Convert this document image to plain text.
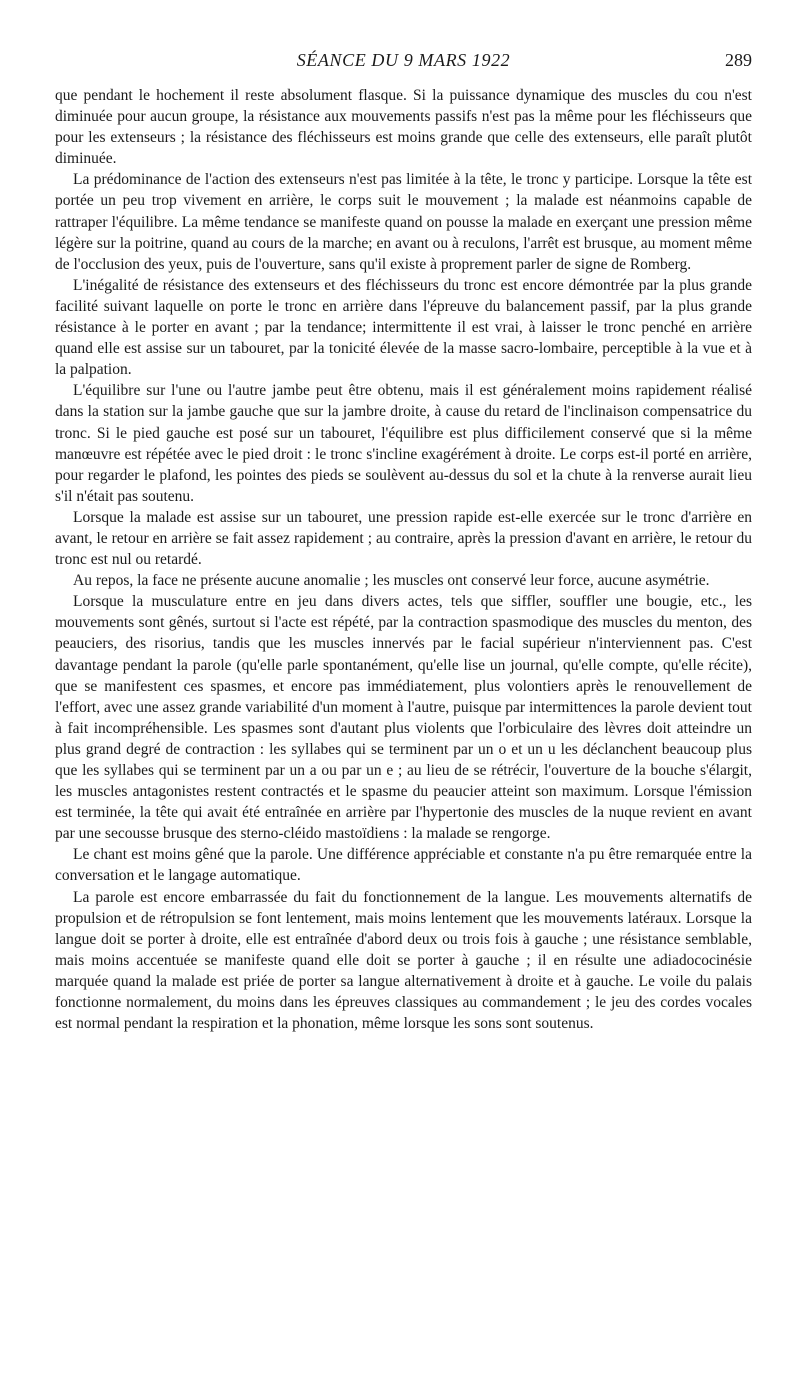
SÉANCE DU 9 MARS 1922	289

que pendant le hochement il reste absolument flasque. Si la puissance dynamique des muscles du cou n'est diminuée pour aucun groupe, la résistance aux mouvements passifs n'est pas la même pour les fléchisseurs que pour les extenseurs ; la résistance des fléchisseurs est moins grande que celle des extenseurs, elle paraît plutôt diminuée.

La prédominance de l'action des extenseurs n'est pas limitée à la tête, le tronc y participe. Lorsque la tête est portée un peu trop vivement en arrière, le corps suit le mouvement ; la malade est néanmoins capable de rattraper l'équilibre. La même tendance se manifeste quand on pousse la malade en exerçant une pression même légère sur la poitrine, quand au cours de la marche; en avant ou à reculons, l'arrêt est brusque, au moment même de l'occlusion des yeux, puis de l'ouverture, sans qu'il existe à proprement parler de signe de Romberg.

L'inégalité de résistance des extenseurs et des fléchisseurs du tronc est encore démontrée par la plus grande facilité suivant laquelle on porte le tronc en arrière dans l'épreuve du balancement passif, par la plus grande résistance à le porter en avant ; par la tendance; intermittente il est vrai, à laisser le tronc penché en arrière quand elle est assise sur un tabouret, par la tonicité élevée de la masse sacro-lombaire, perceptible à la vue et à la palpation.

L'équilibre sur l'une ou l'autre jambe peut être obtenu, mais il est généralement moins rapidement réalisé dans la station sur la jambe gauche que sur la jambre droite, à cause du retard de l'inclinaison compensatrice du tronc. Si le pied gauche est posé sur un tabouret, l'équilibre est plus difficilement conservé que si la même manœuvre est répétée avec le pied droit : le tronc s'incline exagérément à droite. Le corps est-il porté en arrière, pour regarder le plafond, les pointes des pieds se soulèvent au-dessus du sol et la chute à la renverse aurait lieu s'il n'était pas soutenu.

Lorsque la malade est assise sur un tabouret, une pression rapide est-elle exercée sur le tronc d'arrière en avant, le retour en arrière se fait assez rapidement ; au contraire, après la pression d'avant en arrière, le retour du tronc est nul ou retardé.

Au repos, la face ne présente aucune anomalie ; les muscles ont conservé leur force, aucune asymétrie.

Lorsque la musculature entre en jeu dans divers actes, tels que siffler, souffler une bougie, etc., les mouvements sont gênés, surtout si l'acte est répété, par la contraction spasmodique des muscles du menton, des peauciers, des risorius, tandis que les muscles innervés par le facial supérieur n'interviennent pas. C'est davantage pendant la parole (qu'elle parle spontanément, qu'elle lise un journal, qu'elle compte, qu'elle récite), que se manifestent ces spasmes, et encore pas immédiatement, plus volontiers après le renouvellement de l'effort, avec une assez grande variabilité d'un moment à l'autre, puisque par intermittences la parole devient tout à fait incompréhensible. Les spasmes sont d'autant plus violents que l'orbiculaire des lèvres doit atteindre un plus grand degré de contraction : les syllabes qui se terminent par un o et un u les déclanchent beaucoup plus que les syllabes qui se terminent par un a ou par un e ; au lieu de se rétrécir, l'ouverture de la bouche s'élargit, les muscles antagonistes restent contractés et le spasme du peaucier atteint son maximum. Lorsque l'émission est terminée, la tête qui avait été entraînée en arrière par l'hypertonie des muscles de la nuque revient en avant par une secousse brusque des sterno-cléido mastoïdiens : la malade se rengorge.

Le chant est moins gêné que la parole. Une différence appréciable et constante n'a pu être remarquée entre la conversation et le langage automatique.

La parole est encore embarrassée du fait du fonctionnement de la langue. Les mouvements alternatifs de propulsion et de rétropulsion se font lentement, mais moins lentement que les mouvements latéraux. Lorsque la langue doit se porter à droite, elle est entraînée d'abord deux ou trois fois à gauche ; une résistance semblable, mais moins accentuée se manifeste quand elle doit se porter à gauche ; il en résulte une adiadococinésie marquée quand la malade est priée de porter sa langue alternativement à droite et à gauche. Le voile du palais fonctionne normalement, du moins dans les épreuves classiques au commandement ; le jeu des cordes vocales est normal pendant la respiration et la phonation, même lorsque les sons sont soutenus.
